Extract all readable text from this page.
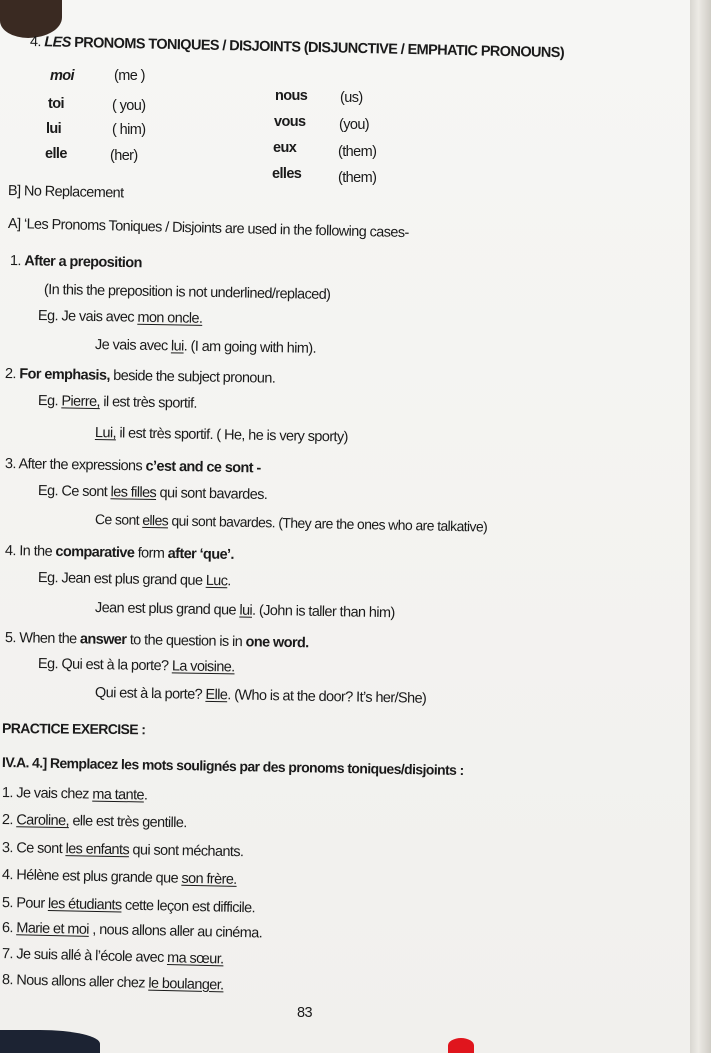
4. LES PRONOMS TONIQUES / DISJOINTS (DISJUNCTIVE / EMPHATIC PRONOUNS)
moi	(me )
toi	( you)
lui	( him)
elle	(her)
nous (us)
vous (you)
eux	(them)
elles	(them)
B] No Replacement
A] ‘Les Pronoms Toniques / Disjoints are used in the following cases-
1. After a preposition
(In this the preposition is not underlined/replaced)
Eg. Je vais avec mon oncle.
Je vais avec lui. (I am going with him).
2. For emphasis, beside the subject pronoun.
Eg. Pierre, il est très sportif.
Lui, il est très sportif. ( He, he is very sporty)
3. After the expressions c’est and ce sont -
Eg. Ce sont les filles qui sont bavardes.
Ce sont elles qui sont bavardes. (They are the ones who are talkative)
4. In the comparative form after ‘que’.
Eg. Jean est plus grand que Luc.
Jean est plus grand que lui. (John is taller than him)
5. When the answer to the question is in one word.
Eg. Qui est à la porte? La voisine.
Qui est à la porte? Elle. (Who is at the door? It’s her/She)
PRACTICE EXERCISE :
IV.A. 4.] Remplacez les mots soulignés par des pronoms toniques/disjoints :
1. Je vais chez ma tante.
2. Caroline, elle est très gentille.
3. Ce sont les enfants qui sont méchants.
4. Hélène est plus grande que son frère.
5. Pour les étudiants cette leçon est difficile.
6. Marie et moi , nous allons aller au cinéma.
7. Je suis allé à l’école avec ma sœur.
8. Nous allons aller chez le boulanger.
83
